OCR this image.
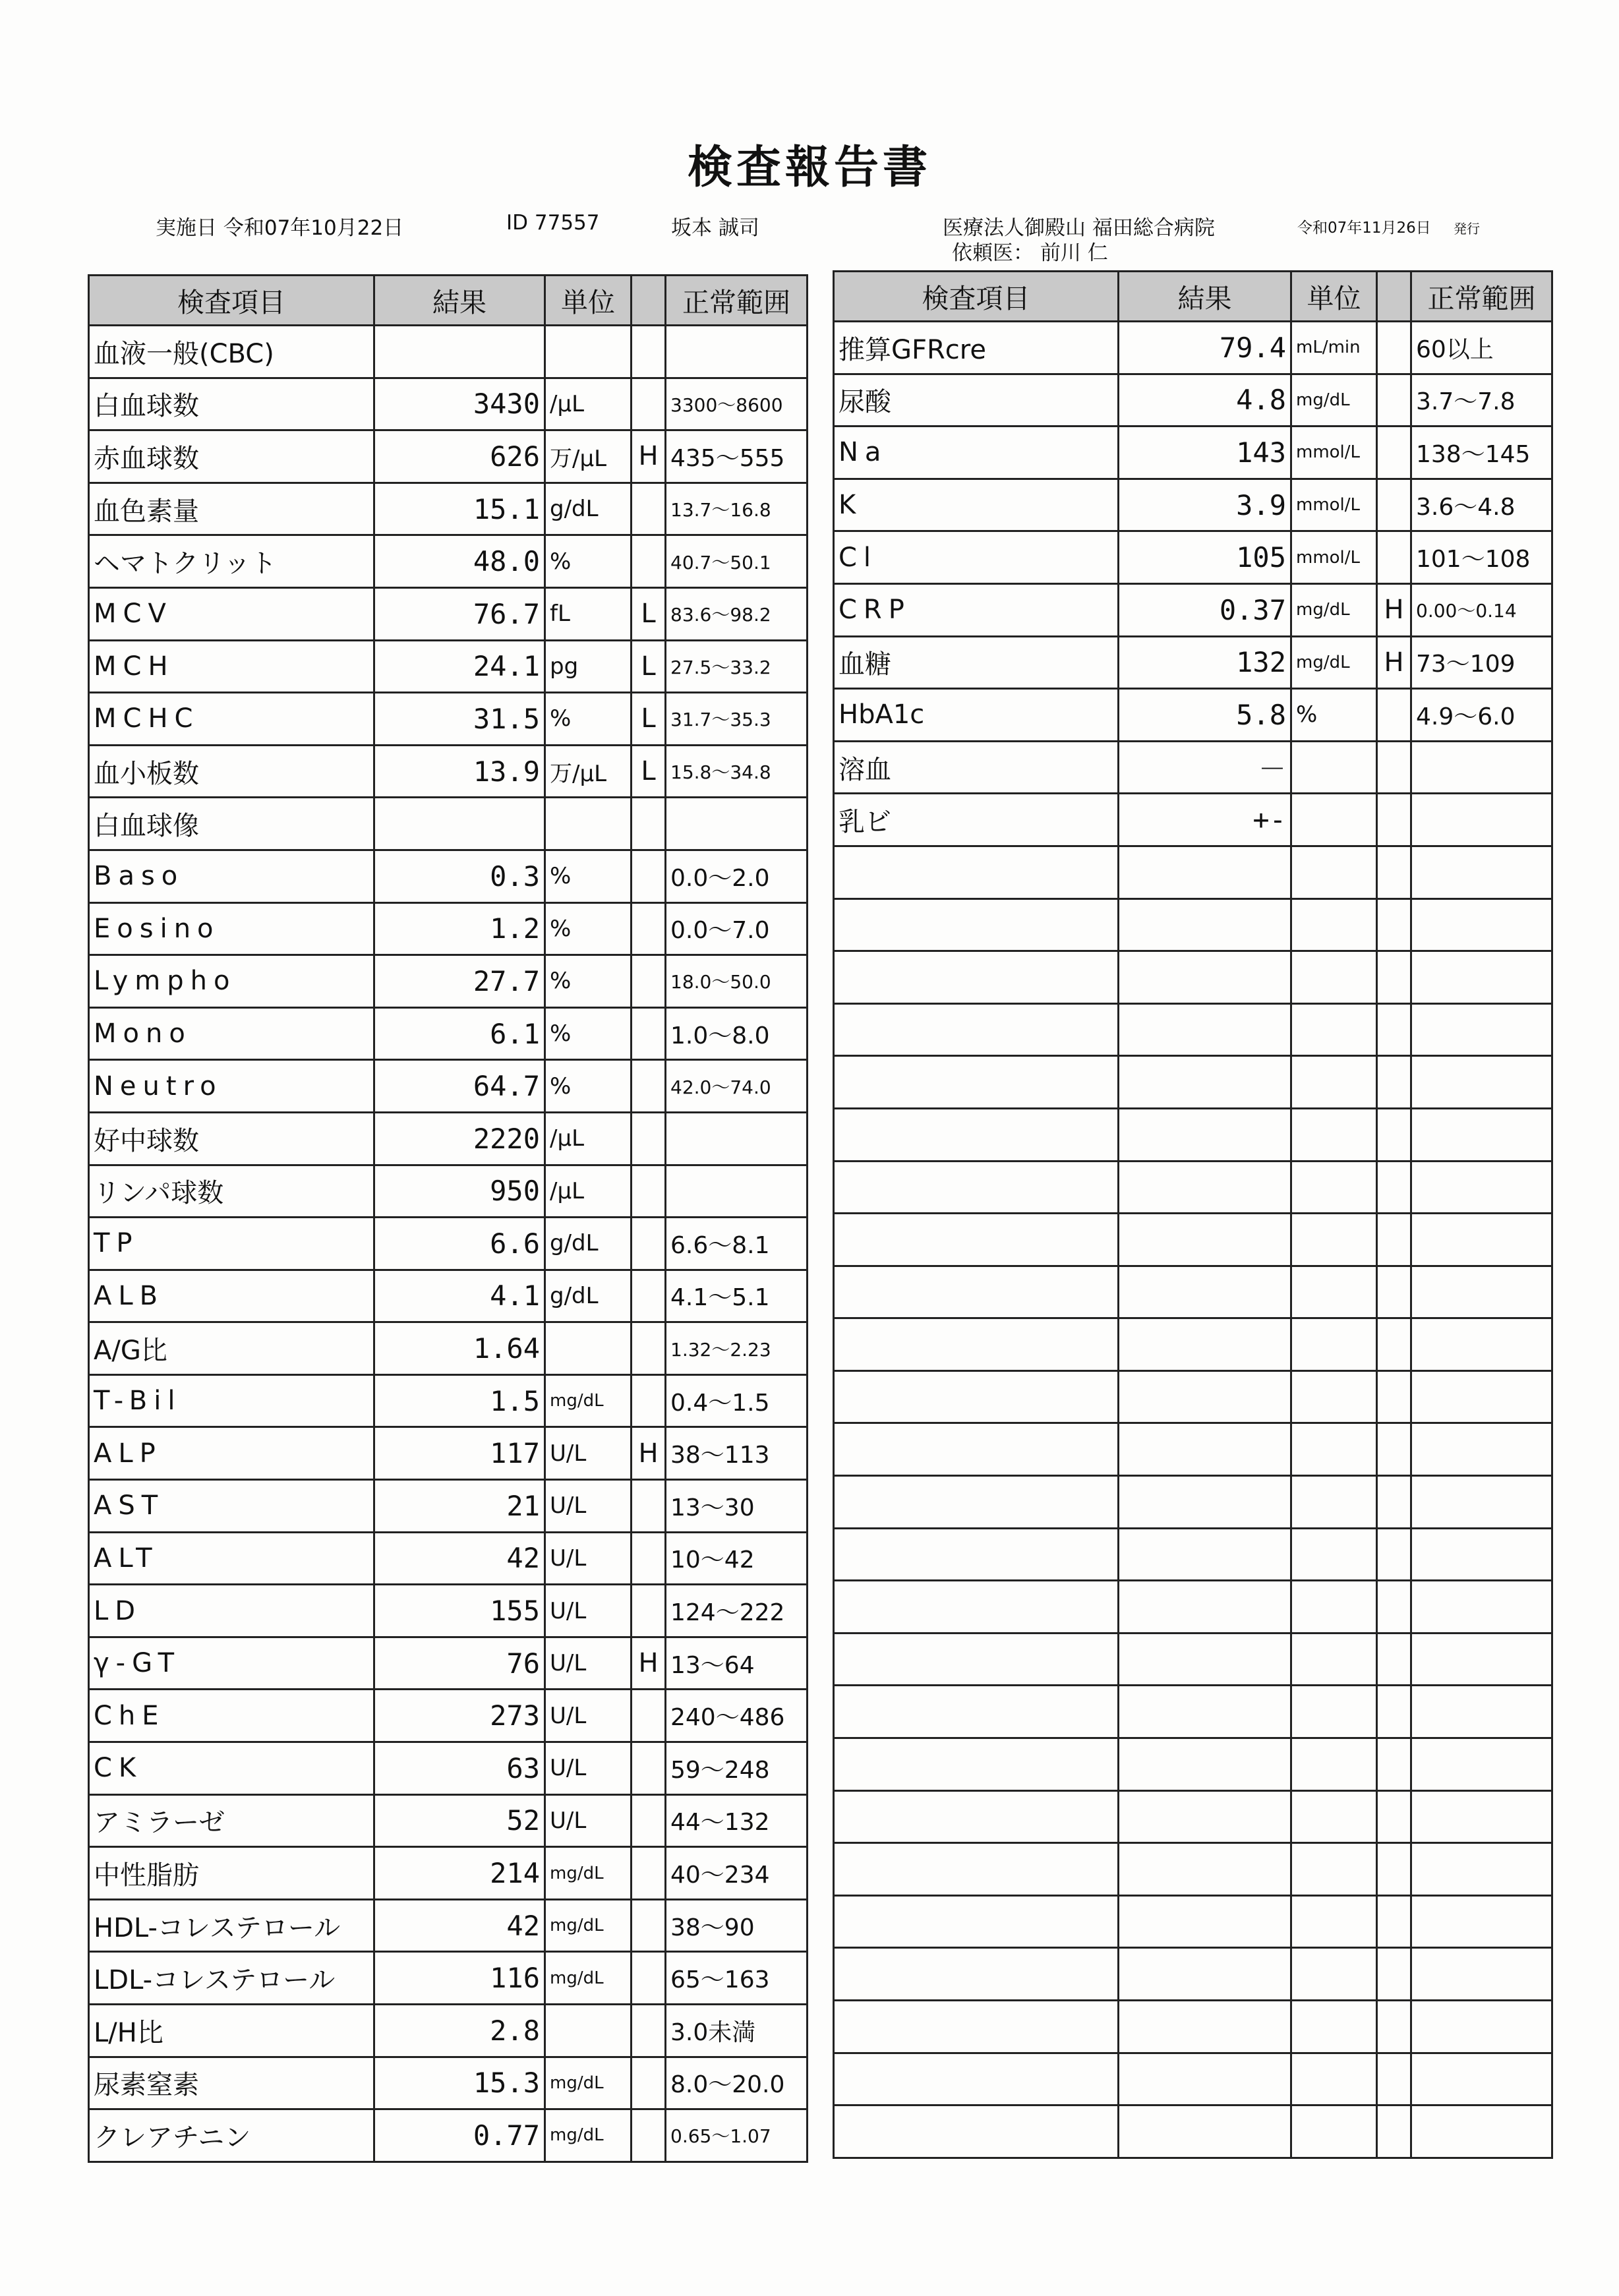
検査報告書
実施日 令和07年10月22日	ID 77557	坂本 誠司	医療法人御殿山 福田総合病院	令和07年11月26日 発行
依頼医： 前川 仁
検査項目	結果	単位		正常範囲
血液一般(CBC)				
白血球数	3430	/μL		3300～8600
赤血球数	626	万/μL	H	435～555
血色素量	15.1	g/dL		13.7～16.8
ヘマトクリット	48.0	%		40.7～50.1
MCV	76.7	fL	L	83.6～98.2
MCH	24.1	pg	L	27.5～33.2
MCHC	31.5	%	L	31.7～35.3
血小板数	13.9	万/μL	L	15.8～34.8
白血球像				
Baso	0.3	%		0.0～2.0
Eosino	1.2	%		0.0～7.0
Lympho	27.7	%		18.0～50.0
Mono	6.1	%		1.0～8.0
Neutro	64.7	%		42.0～74.0
好中球数	2220	/μL		
リンパ球数	950	/μL		
TP	6.6	g/dL		6.6～8.1
ALB	4.1	g/dL		4.1～5.1
A/G比	1.64			1.32～2.23
T-Bil	1.5	mg/dL		0.4～1.5
ALP	117	U/L	H	38～113
AST	21	U/L		13～30
ALT	42	U/L		10～42
LD	155	U/L		124～222
γ-GT	76	U/L	H	13～64
ChE	273	U/L		240～486
CK	63	U/L		59～248
アミラーゼ	52	U/L		44～132
中性脂肪	214	mg/dL		40～234
HDL-コレステロール	42	mg/dL		38～90
LDL-コレステロール	116	mg/dL		65～163
L/H比	2.8			3.0未満
尿素窒素	15.3	mg/dL		8.0～20.0
クレアチニン	0.77	mg/dL		0.65～1.07
検査項目	結果	単位		正常範囲
推算GFRcre	79.4	mL/min		60以上
尿酸	4.8	mg/dL		3.7～7.8
Na	143	mmol/L		138～145
K	3.9	mmol/L		3.6～4.8
Cl	105	mmol/L		101～108
CRP	0.37	mg/dL	H	0.00～0.14
血糖	132	mg/dL	H	73～109
HbA1c	5.8	%		4.9～6.0
溶血	－			
乳ビ	+-			
